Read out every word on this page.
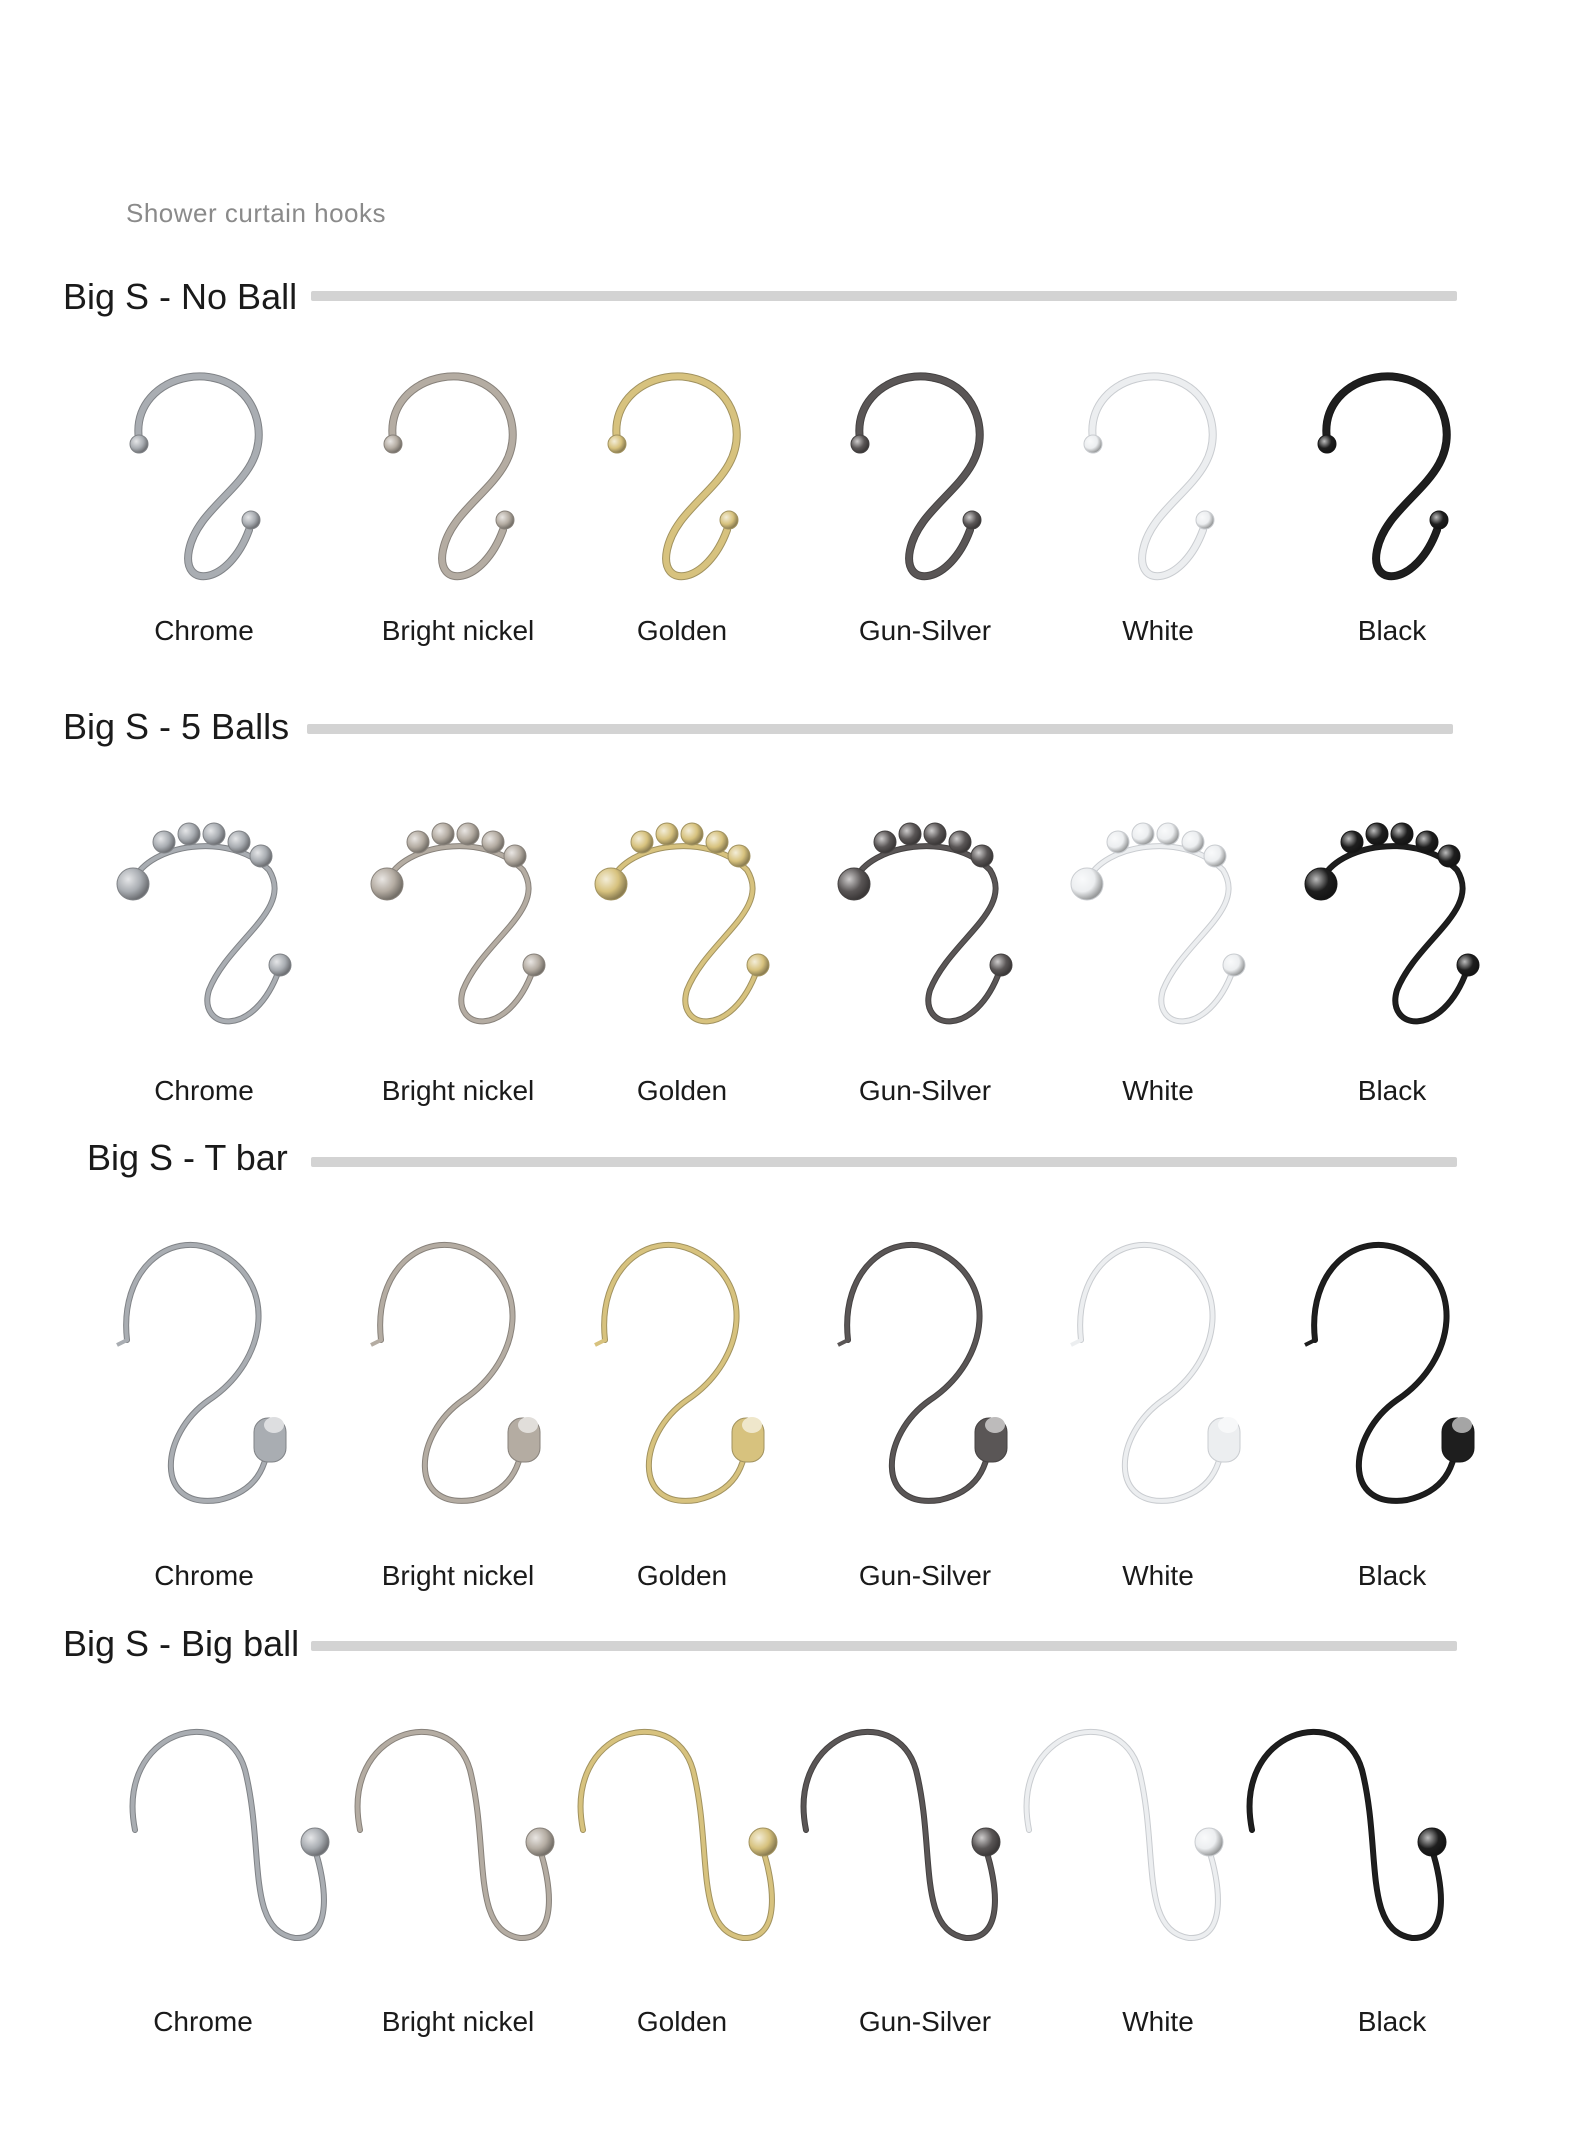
Shower curtain hooks
Big S - No Ball
Chrome	Bright nickel	Golden	Gun-Silver	White	Black
Big S - 5 Balls
Chrome	Bright nickel	Golden	Gun-Silver	White	Black
Big S - T bar
Chrome	Bright nickel	Golden	Gun-Silver	White	Black
Big S - Big ball
Chrome	Bright nickel	Golden	Gun-Silver	White	Black
